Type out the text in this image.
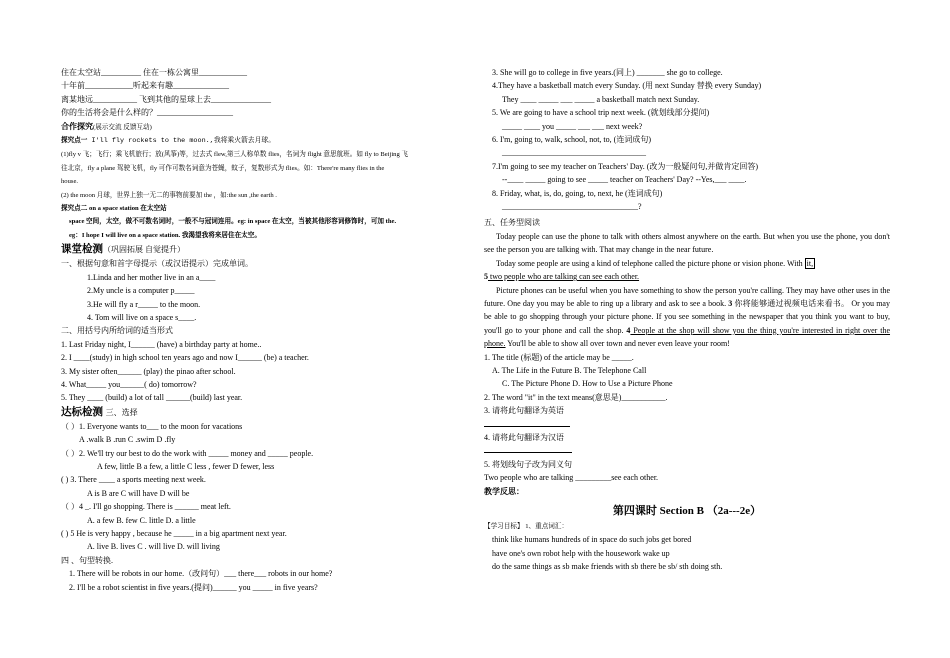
住在太空站__________ 住在一栋公寓里____________
十年前____________听起来有趣______________
离某地远___________ 飞到其他的星球上去_______________
你的生活将会是什么样的？___________________
合作探究(展示交流 反馈互动)
探究点一 I'll fly rockets to the moon.,我将乘火箭去月球。
(1)fly v 飞；飞行；乘飞机旅行；放(风筝)等，过去式 flew,第三人称单数 flies，名词为 flight 意思航班。如 fly to Beijing 飞
往北京，fly a plane 驾驶飞机，fly 可作可数名词意为苍蝇，蚊子，复数形式为 flies。如：There're many flies in the
house.
(2) the moon 月球，世界上独一无二的事物前要加 the ，如:the sun ,the earth .
探究点二 on a space station 在太空站
space 空间，太空，做不可数名词时，一般不与冠词连用。eg: in space 在太空，当被其他形容词修饰时，可加 the.
eg：I hope I will live on a space station. 我渴望我将来居住在太空。
课堂检测（巩固拓展 自觉提升）
一、根据句意和首字母提示（或汉语提示）完成单词。
1.Linda and her mother live in an a____
2.My uncle is a computer p_____
3.He will fly a r_____ to the moon.
4. Tom will live on a space s____.
二、用括号内所给词的适当形式
1. Last Friday night, I______ (have) a birthday party at home..
2. I ____(study) in high school ten years ago and now I______ (be) a teacher.
3. My sister often______ (play) the pinao after school.
4. What_____ you______( do) tomorrow?
5. They ____ (build) a lot of tall ______(build) last year.
达标检测 三、选择
（ ）1. Everyone wants to___ to the moon for vacations
A .walk B .run C .swim D .fly
（ ）2. We'll try our best to do the work with _____ money and _____ people.
A few, little B a few, a little C less , fewer D fewer, less
( ) 3. There ____ a sports meeting next week.
A is B are C will have D will be
（ ）4 _. I'll go shopping. There is ______ meat left.
A. a few B. few C. little D. a little
( ) 5 He is very happy , because he _____ in a big apartment next year.
A. live B. lives C . will live D. will living
四 、句型转换.
1. There will be robots in our home.（改问句）___ there___ robots in our home?
2. I'll be a robot scientist in five years.(提问)______ you _____ in five years?
3. She will go to college in five years.(同上) _______ she go to college.
4.They have a basketball match every Sunday. (用 next Sunday 替换 every Sunday)
They ____ _____ ___ _____ a basketball match next Sunday.
5. We are going to have a school trip next week. (就划线部分提问)
_____ ____ you _____ ___ ___ next week?
6. I'm, going to, walk, school, not, to, (连词成句)
____________________________________
7.I'm going to see my teacher on Teachers' Day. (改为一般疑问句,并做肯定回答)
--____ _____ going to see _____ teacher on Teachers' Day? --Yes,___ ____.
8. Friday, what, is, do, going, to, next, he (连词成句)
__________________________________?
五、任务型阅读
Today people can use the phone to talk with others almost anywhere on the earth. But when you use the phone, you don't see the person you are talking with. That may change in the near future.
Today some people are using a kind of telephone called the picture phone or vision phone. With it,
5 two people who are talking can see each other.
Picture phones can be useful when you have something to show the person you're calling. They may have other uses in the future. One day you may be able to ring up a library and ask to see a book. 3 你将能够通过视频电话来看书。 Or you may be able to go shopping through your picture phone. If you see something in the newspaper that you think you want to buy, you'll go to your phone and call the shop. 4 People at the shop will show you the thing you're interested in right over the phone. You'll be able to show all over town and never even leave your room!
1. The title (标题) of the article may be _____.
A. The Life in the Future B. The Telephone Call
C. The Picture Phone D. How to Use a Picture Phone
2. The word "it" in the text means(意思是)___________.
3. 请将此句翻译为英语
4. 请将此句翻译为汉语
5. 将划线句子改为同义句
Two people who are talking _________see each other.
教学反思：
第四课时 Section B （2a---2e）
【学习目标】 1、重点词汇：
think like humans hundreds of in space do such jobs get bored
have one's own robot help with the housework wake up
do the same things as sb make friends with sb there be sb/ sth doing sth.
